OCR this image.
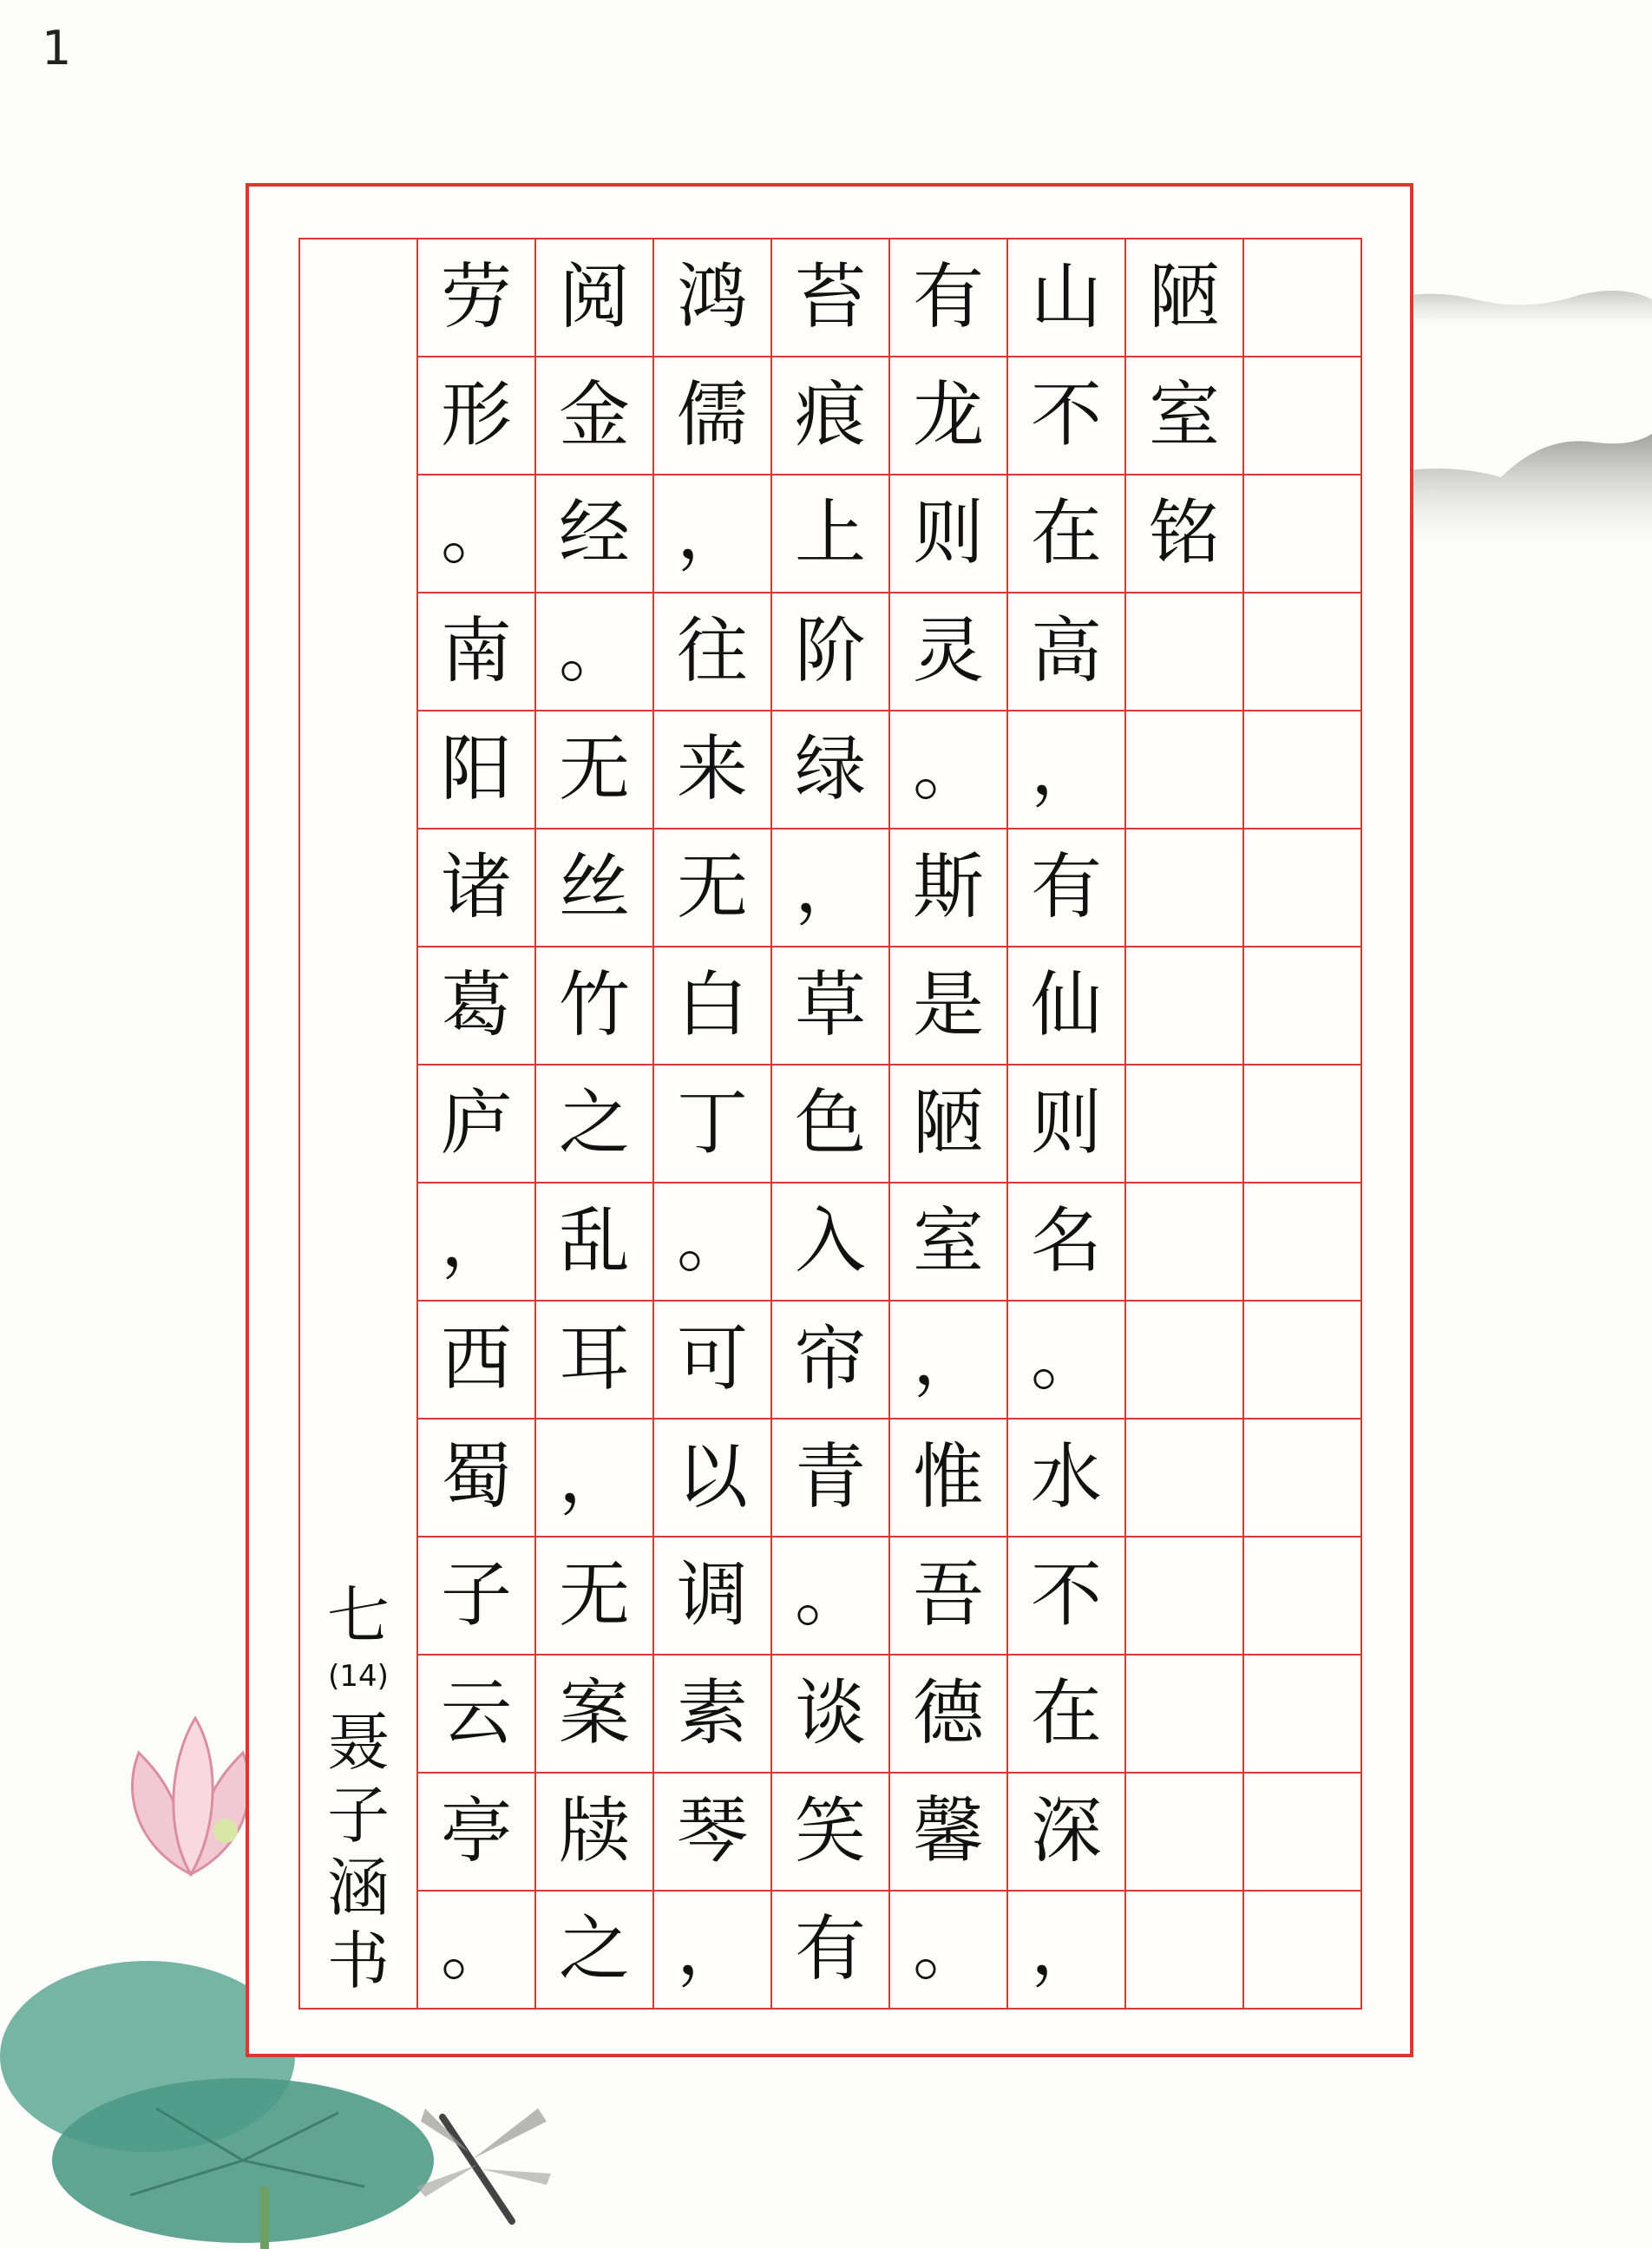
1
七
(14)
聂
子
涵
书
劳 阅 鸿 苔 有 山 陋
形 金 儒 痕 龙 不 室
。 经 ， 上 则 在 铭
南 。 往 阶 灵 高
阳 无 来 绿 。 ，
诸 丝 无 ， 斯 有
葛 竹 白 草 是 仙
庐 之 丁 色 陋 则
， 乱 。 入 室 名
西 耳 可 帘 ， 。
蜀 ， 以 青 惟 水
子 无 调 。 吾 不
云 案 素 谈 德 在
亭 牍 琴 笑 馨 深
。 之 ， 有 。 ，
